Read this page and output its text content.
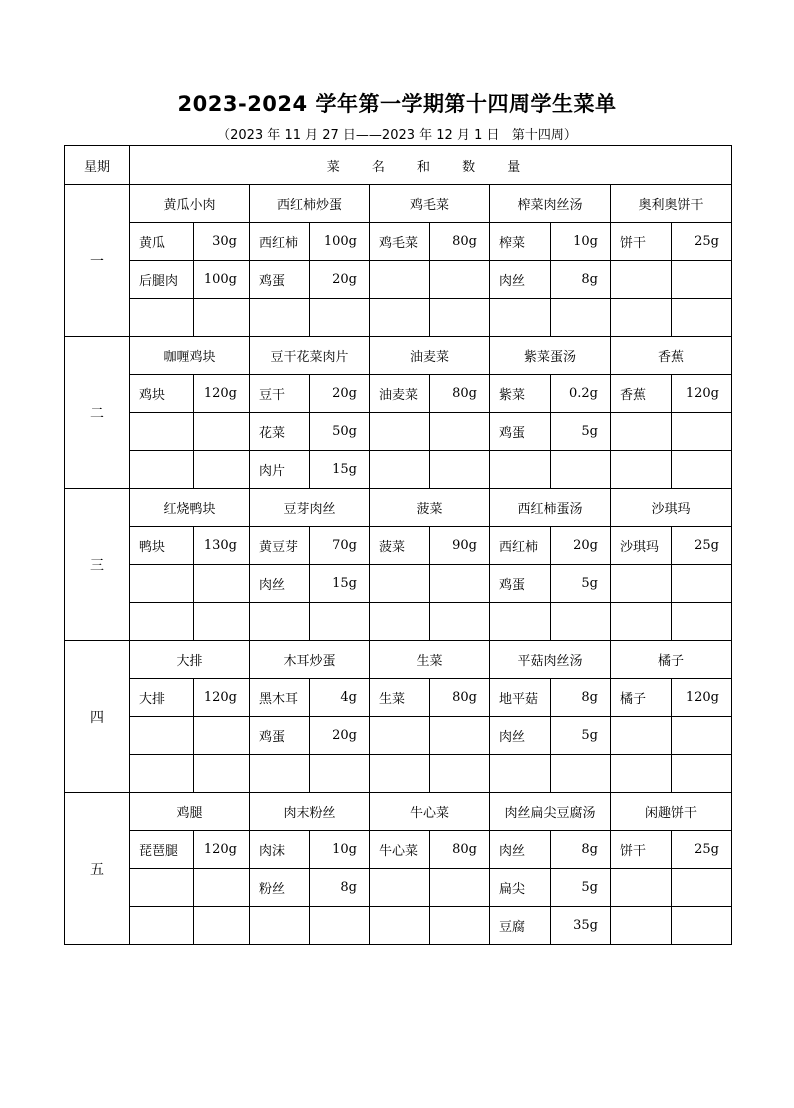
2023-2024 学年第一学期第十四周学生菜单
（2023 年 11 月 27 日——2023 年 12 月 1 日   第十四周）
星期	菜 名 和 数 量									
一	黄瓜小肉		西红柿炒蛋		鸡毛菜		榨菜肉丝汤		奥利奥饼干	
	黄瓜	30g	西红柿	100g	鸡毛菜	80g	榨菜	10g	饼干	25g
	后腿肉	100g	鸡蛋	20g			肉丝	8g		

二	咖喱鸡块		豆干花菜肉片		油麦菜		紫菜蛋汤		香蕉	
	鸡块	120g	豆干	20g	油麦菜	80g	紫菜	0.2g	香蕉	120g
			花菜	50g			鸡蛋	5g		
			肉片	15g						
三	红烧鸭块		豆芽肉丝		菠菜		西红柿蛋汤		沙琪玛	
	鸭块	130g	黄豆芽	70g	菠菜	90g	西红柿	20g	沙琪玛	25g
			肉丝	15g			鸡蛋	5g		

四	大排		木耳炒蛋		生菜		平菇肉丝汤		橘子	
	大排	120g	黑木耳	4g	生菜	80g	地平菇	8g	橘子	120g
			鸡蛋	20g			肉丝	5g		

五	鸡腿		肉末粉丝		牛心菜		肉丝扁尖豆腐汤		闲趣饼干	
	琵琶腿	120g	肉沫	10g	牛心菜	80g	肉丝	8g	饼干	25g
			粉丝	8g			扁尖	5g		
							豆腐	35g		
